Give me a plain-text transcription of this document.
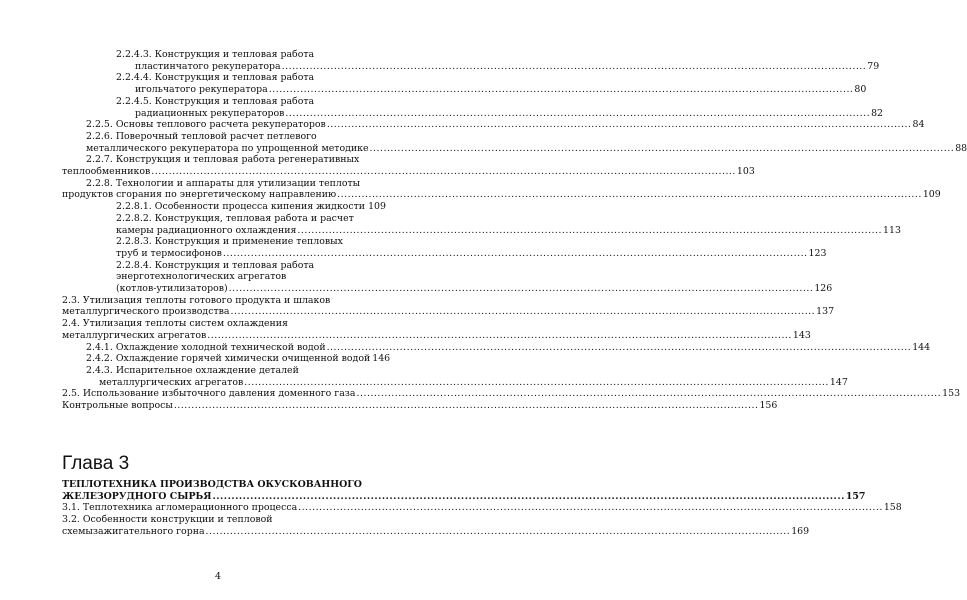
2.2.4.3. Конструкция и тепловая работа
пластинчатого рекуператора .....	79
2.2.4.4. Конструкция и тепловая работа
игольчатого рекуператора .....	80
2.2.4.5. Конструкция и тепловая работа
радиационных рекуператоров .....	82
2.2.5. Основы теплового расчета рекуператоров .....	84
2.2.6. Поверочный тепловой расчет петлевого
металлического рекуператора по упрощенной методике .....	88
2.2.7. Конструкция и тепловая работа регенеративных
теплообменников .....	103
2.2.8. Технологии и аппараты для утилизации теплоты
продуктов сгорания по энергетическому направлению .....	109
2.2.8.1. Особенности процесса кипения жидкости ..... 109
2.2.8.2. Конструкция, тепловая работа и расчет
камеры радиационного охлаждения .....	113
2.2.8.3. Конструкция и применение тепловых
труб и термосифонов .....	123
2.2.8.4. Конструкция и тепловая работа
энерготехнологических агрегатов
(котлов-утилизаторов) .....	126
2.3. Утилизация теплоты готового продукта и шлаков
металлургического производства .....	137
2.4. Утилизация теплоты систем охлаждения
металлургических агрегатов .....	143
2.4.1. Охлаждение холодной технической водой .....	144
2.4.2. Охлаждение горячей химически очищенной водой 146
2.4.3. Испарительное охлаждение деталей
металлургических агрегатов .....	147
2.5. Использование избыточного давления доменного газа .....	153
Контрольные вопросы .....	156
Глава 3
ТЕПЛОТЕХНИКА ПРОИЗВОДСТВА ОКУСКОВАННОГО
ЖЕЛЕЗОРУДНОГО СЫРЬЯ .....	157
3.1. Теплотехника агломерационного процесса .....	158
3.2. Особенности конструкции и тепловой
схемызажигательного горна .....	169
4
